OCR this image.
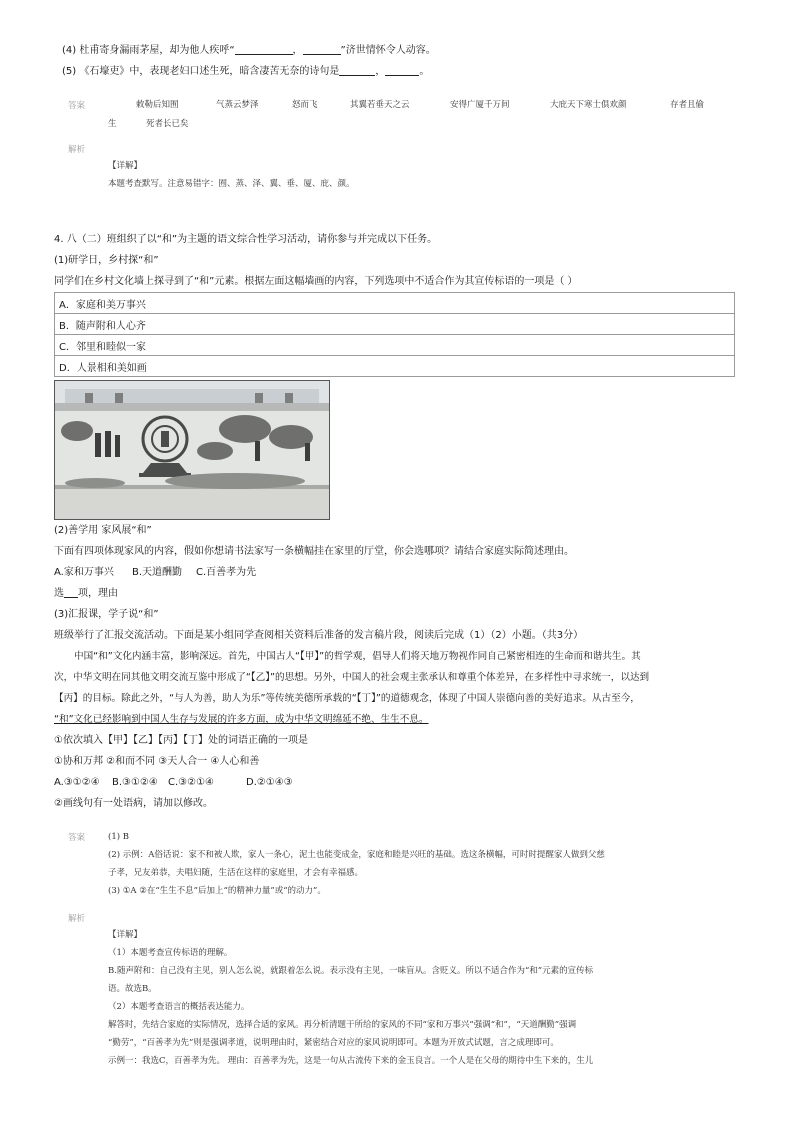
(4) 杜甫寄身漏雨茅屋，却为他人疾呼“	，	”济世情怀令人动容。
(5) 《石壕吏》中，表现老妇口述生死，暗含凄苦无奈的诗句是	，	。
答案	敕勒后知囿	气蒸云梦泽	怒而飞	其翼若垂天之云	安得广厦千万间	大庇天下寒士俱欢颜	存者且偷
生	死者长已矣
解析
【详解】
本题考查默写。注意易错字：囿、蒸、泽、翼、垂、厦、庇、颜。
4. 八（二）班组织了以“和”为主题的语文综合性学习活动，请你参与并完成以下任务。
(1)研学日，乡村探“和”
同学们在乡村文化墙上探寻到了“和”元素。根据左面这幅墙画的内容，下列选项中不适合作为其宣传标语的一项是（ ）
A．家庭和美万事兴
B．随声附和人心齐
C．邻里和睦似一家
D．人景相和美如画
(2)善学用 家风展“和”
下面有四项体现家风的内容，假如你想请书法家写一条横幅挂在家里的厅堂，你会选哪项？请结合家庭实际简述理由。
A.家和万事兴 B.天道酬勤 C.百善孝为先
选 项，理由
(3)汇报课，学子说“和”
班级举行了汇报交流活动。下面是某小组同学查阅相关资料后准备的发言稿片段，阅读后完成（1）（2）小题。（共3分）
中国“和”文化内涵丰富，影响深远。首先，中国古人“【甲】”的哲学观，倡导人们将天地万物视作同自己紧密相连的生命而和谐共生。其
次，中华文明在同其他文明交流互鉴中形成了“【乙】”的思想。另外，中国人的社会观主张承认和尊重个体差异，在多样性中寻求统一，以达到
【丙】的目标。除此之外，“与人为善，助人为乐”等传统美德所承载的“【丁】”的道德观念，体现了中国人崇德向善的美好追求。从古至今，
“和”文化已经影响到中国人生存与发展的许多方面，成为中华文明绵延不绝、生生不息。
①依次填入【甲】【乙】【丙】【丁】处的词语正确的一项是
①协和万邦 ②和而不同 ③天人合一 ④人心和善
A.③①②④ B.③①②④ C.③②①④	D.②①④③
②画线句有一处语病，请加以修改。
答案	(1) B
(2) 示例：A俗话说：家不和被人欺，家人一条心，泥土也能变成金，家庭和睦是兴旺的基础。选这条横幅，可时时提醒家人做到父慈
子孝，兄友弟恭，夫唱妇随，生活在这样的家庭里，才会有幸福感。
(3) ①A ②在“生生不息”后加上“的精神力量”或“的动力”。
解析
【详解】
（1）本题考查宣传标语的理解。
B.随声附和：自己没有主见，别人怎么说，就跟着怎么说。表示没有主见，一味盲从。含贬义。所以不适合作为“和”元素的宣传标
语。故选B。
（2）本题考查语言的概括表达能力。
解答时，先结合家庭的实际情况，选择合适的家风。再分析清题干所给的家风的不同“家和万事兴”强调“和”，“天道酬勤”强调
“勤劳”，“百善孝为先”则是强调孝道，说明理由时，紧密结合对应的家风说明即可。本题为开放式试题，言之成理即可。
示例一：我选C，百善孝为先。 理由：百善孝为先，这是一句从古流传下来的金玉良言。一个人是在父母的期待中生下来的，生儿
